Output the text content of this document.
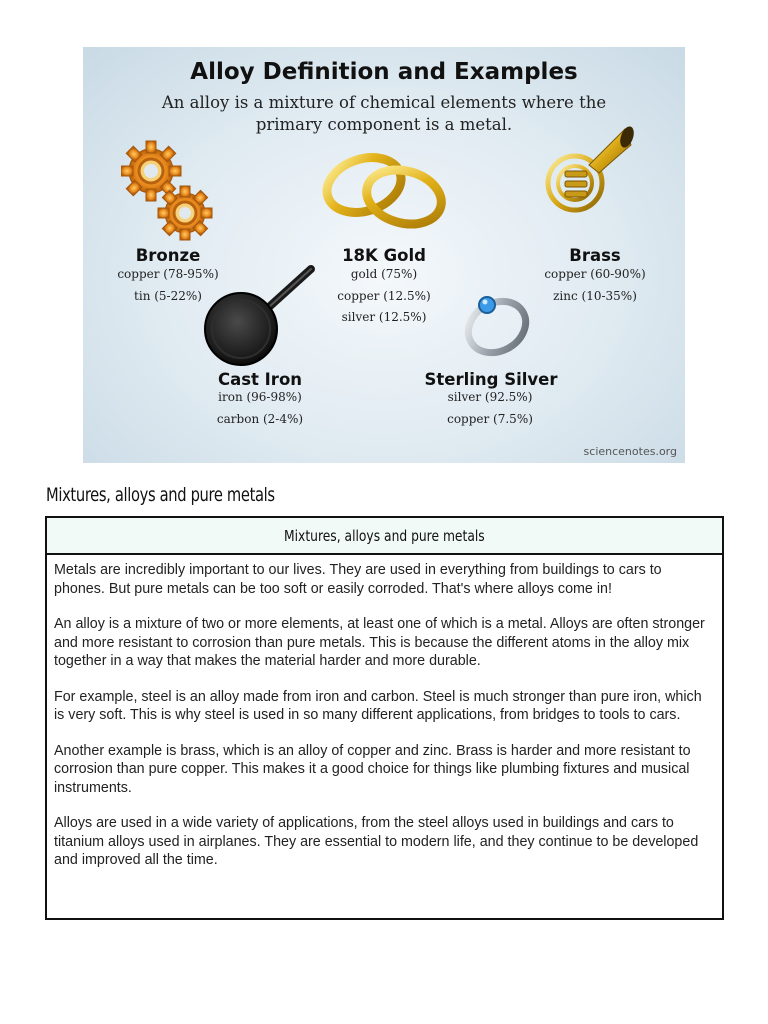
Alloy Definition and Examples
An alloy is a mixture of chemical elements where the
primary component is a metal.
Bronze
copper (78-95%)
tin (5-22%)
18K Gold
gold (75%)
copper (12.5%)
silver (12.5%)
Brass
copper (60-90%)
zinc (10-35%)
Cast Iron
iron (96-98%)
carbon (2-4%)
Sterling Silver
silver (92.5%)
copper (7.5%)
sciencenotes.org
Mixtures, alloys and pure metals
Mixtures, alloys and pure metals

Metals are incredibly important to our lives. They are used in everything from buildings to cars to phones. But pure metals can be too soft or easily corroded. That's where alloys come in!

An alloy is a mixture of two or more elements, at least one of which is a metal. Alloys are often stronger and more resistant to corrosion than pure metals. This is because the different atoms in the alloy mix together in a way that makes the material harder and more durable.

For example, steel is an alloy made from iron and carbon. Steel is much stronger than pure iron, which is very soft. This is why steel is used in so many different applications, from bridges to tools to cars.

Another example is brass, which is an alloy of copper and zinc. Brass is harder and more resistant to corrosion than pure copper. This makes it a good choice for things like plumbing fixtures and musical instruments.

Alloys are used in a wide variety of applications, from the steel alloys used in buildings and cars to titanium alloys used in airplanes. They are essential to modern life, and they continue to be developed and improved all the time.
